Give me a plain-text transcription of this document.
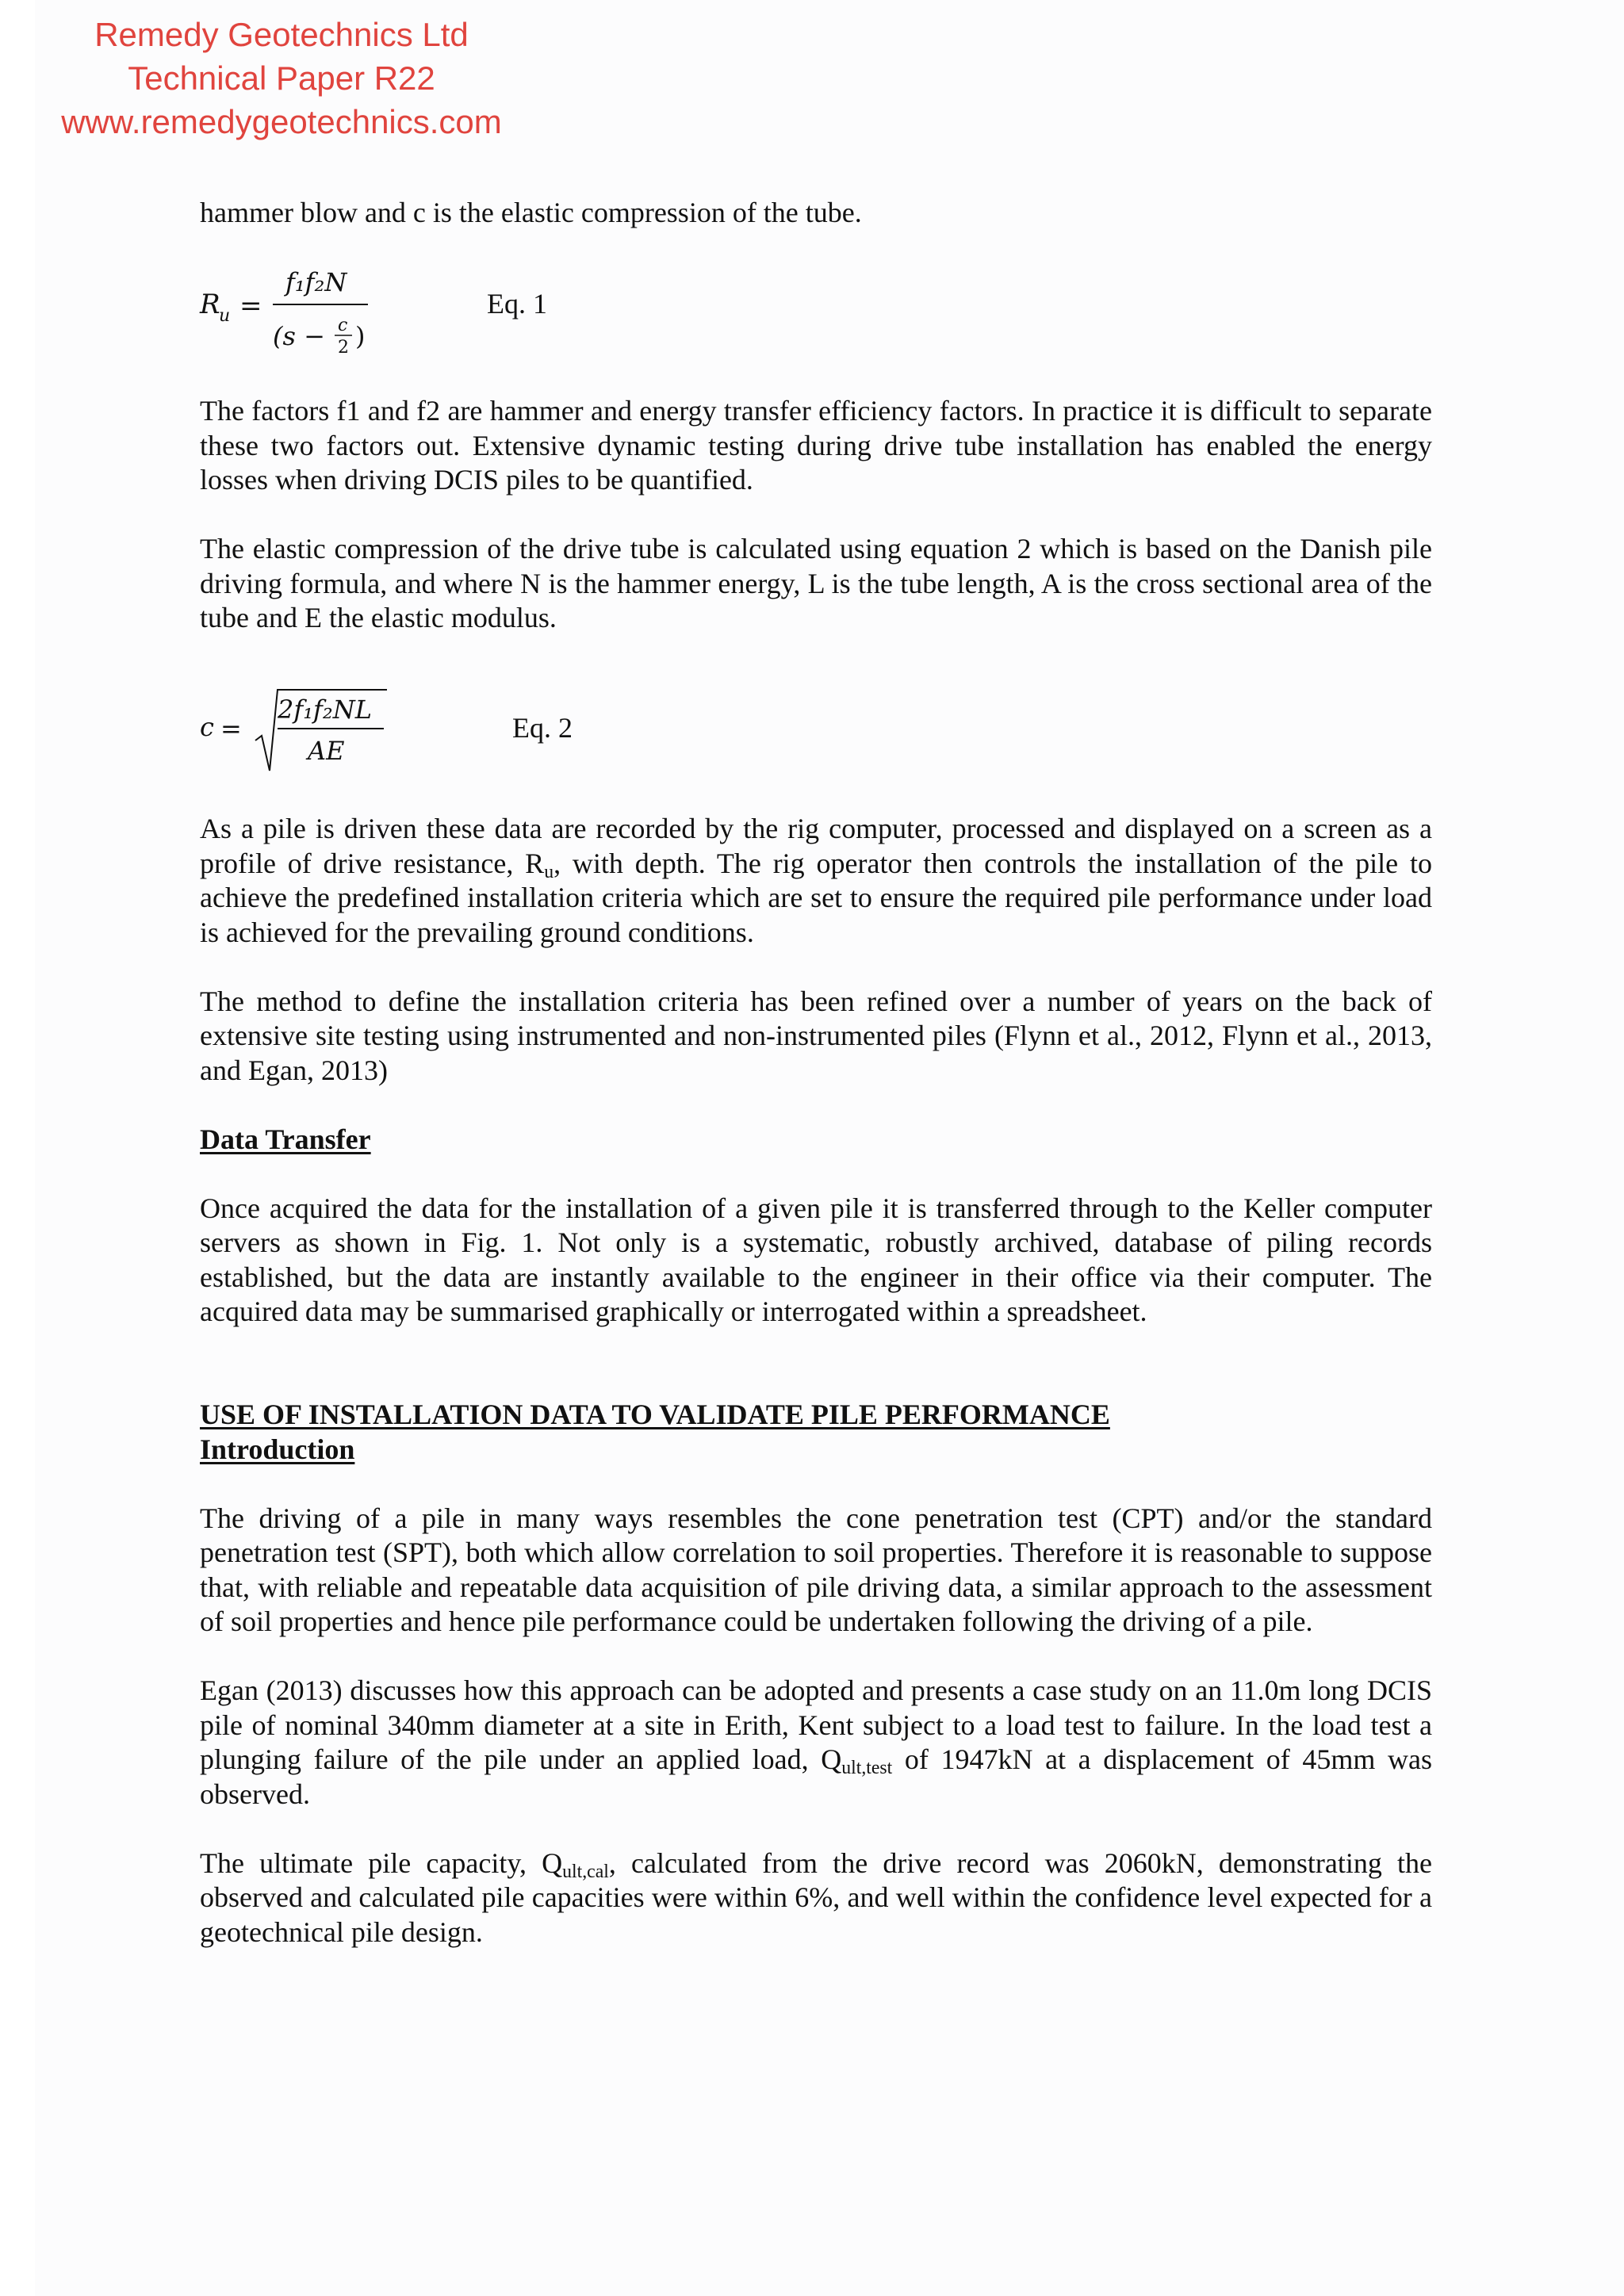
Remedy Geotechnics Ltd
Technical Paper R22
www.remedygeotechnics.com

hammer blow and c is the elastic compression of the tube.

R
u =
f₁f₂N
(s − c
2 )
Eq. 1

The factors f1 and f2 are hammer and energy transfer efficiency factors. In practice it is difficult to separate these two factors out. Extensive dynamic testing during drive tube installation has enabled the energy losses when driving DCIS piles to be quantified.

The elastic compression of the drive tube is calculated using equation 2 which is based on the Danish pile driving formula, and where N is the hammer energy, L is the tube length, A is the cross sectional area of the tube and E the elastic modulus.

c =
2f₁f₂NL
AE
Eq. 2

As a pile is driven these data are recorded by the rig computer, processed and displayed on a screen as a profile of drive resistance, $R_u$, with depth. The rig operator then controls the installation of the pile to achieve the predefined installation criteria which are set to ensure the required pile performance under load is achieved for the prevailing ground conditions.

The method to define the installation criteria has been refined over a number of years on the back of extensive site testing using instrumented and non-instrumented piles (Flynn et al., 2012, Flynn et al., 2013, and Egan, 2013)

Data Transfer

Once acquired the data for the installation of a given pile it is transferred through to the Keller computer servers as shown in Fig. 1. Not only is a systematic, robustly archived, database of piling records established, but the data are instantly available to the engineer in their office via their computer. The acquired data may be summarised graphically or interrogated within a spreadsheet.

USE OF INSTALLATION DATA TO VALIDATE PILE PERFORMANCE

Introduction

The driving of a pile in many ways resembles the cone penetration test (CPT) and/or the standard penetration test (SPT), both which allow correlation to soil properties. Therefore it is reasonable to suppose that, with reliable and repeatable data acquisition of pile driving data, a similar approach to the assessment of soil properties and hence pile performance could be undertaken following the driving of a pile.

Egan (2013) discusses how this approach can be adopted and presents a case study on an 11.0m long DCIS pile of nominal 340mm diameter at a site in Erith, Kent subject to a load test to failure. In the load test a plunging failure of the pile under an applied load, $Q_{ult,test}$ of 1947kN at a displacement of 45mm was observed.

The ultimate pile capacity, $Q_{ult,cal}$, calculated from the drive record was 2060kN, demonstrating the observed and calculated pile capacities were within 6%, and well within the confidence level expected for a geotechnical pile design.
